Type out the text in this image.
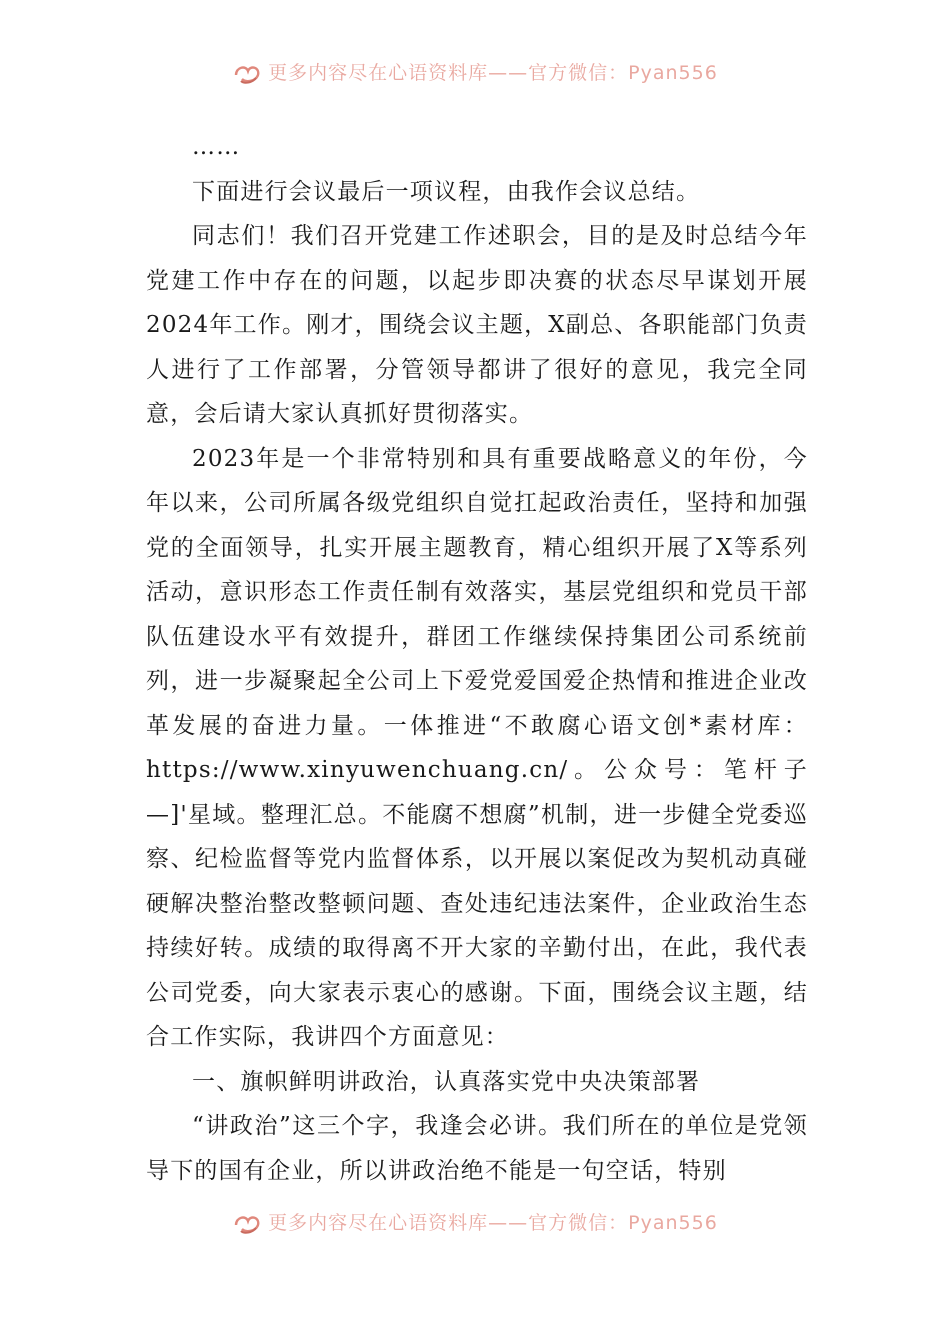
更多内容尽在心语资料库——官方微信：Pyan556

……

下面进行会议最后一项议程，由我作会议总结。

同志们！我们召开党建工作述职会，目的是及时总结今年党建工作中存在的问题，以起步即决赛的状态尽早谋划开展2024年工作。刚才，围绕会议主题，X副总、各职能部门负责人进行了工作部署，分管领导都讲了很好的意见，我完全同意，会后请大家认真抓好贯彻落实。

2023年是一个非常特别和具有重要战略意义的年份，今年以来，公司所属各级党组织自觉扛起政治责任，坚持和加强党的全面领导，扎实开展主题教育，精心组织开展了X等系列活动，意识形态工作责任制有效落实，基层党组织和党员干部队伍建设水平有效提升，群团工作继续保持集团公司系统前列，进一步凝聚起全公司上下爱党爱国爱企热情和推进企业改革发展的奋进力量。一体推进“不敢腐心语文创*素材库：https://www.xinyuwenchuang.cn/。公众号：笔杆子—]'星域。整理汇总。不能腐不想腐”机制，进一步健全党委巡察、纪检监督等党内监督体系，以开展以案促改为契机动真碰硬解决整治整改整顿问题、查处违纪违法案件，企业政治生态持续好转。成绩的取得离不开大家的辛勤付出，在此，我代表公司党委，向大家表示衷心的感谢。下面，围绕会议主题，结合工作实际，我讲四个方面意见：

一、旗帜鲜明讲政治，认真落实党中央决策部署

“讲政治”这三个字，我逢会必讲。我们所在的单位是党领导下的国有企业，所以讲政治绝不能是一句空话，特别

更多内容尽在心语资料库——官方微信：Pyan556
